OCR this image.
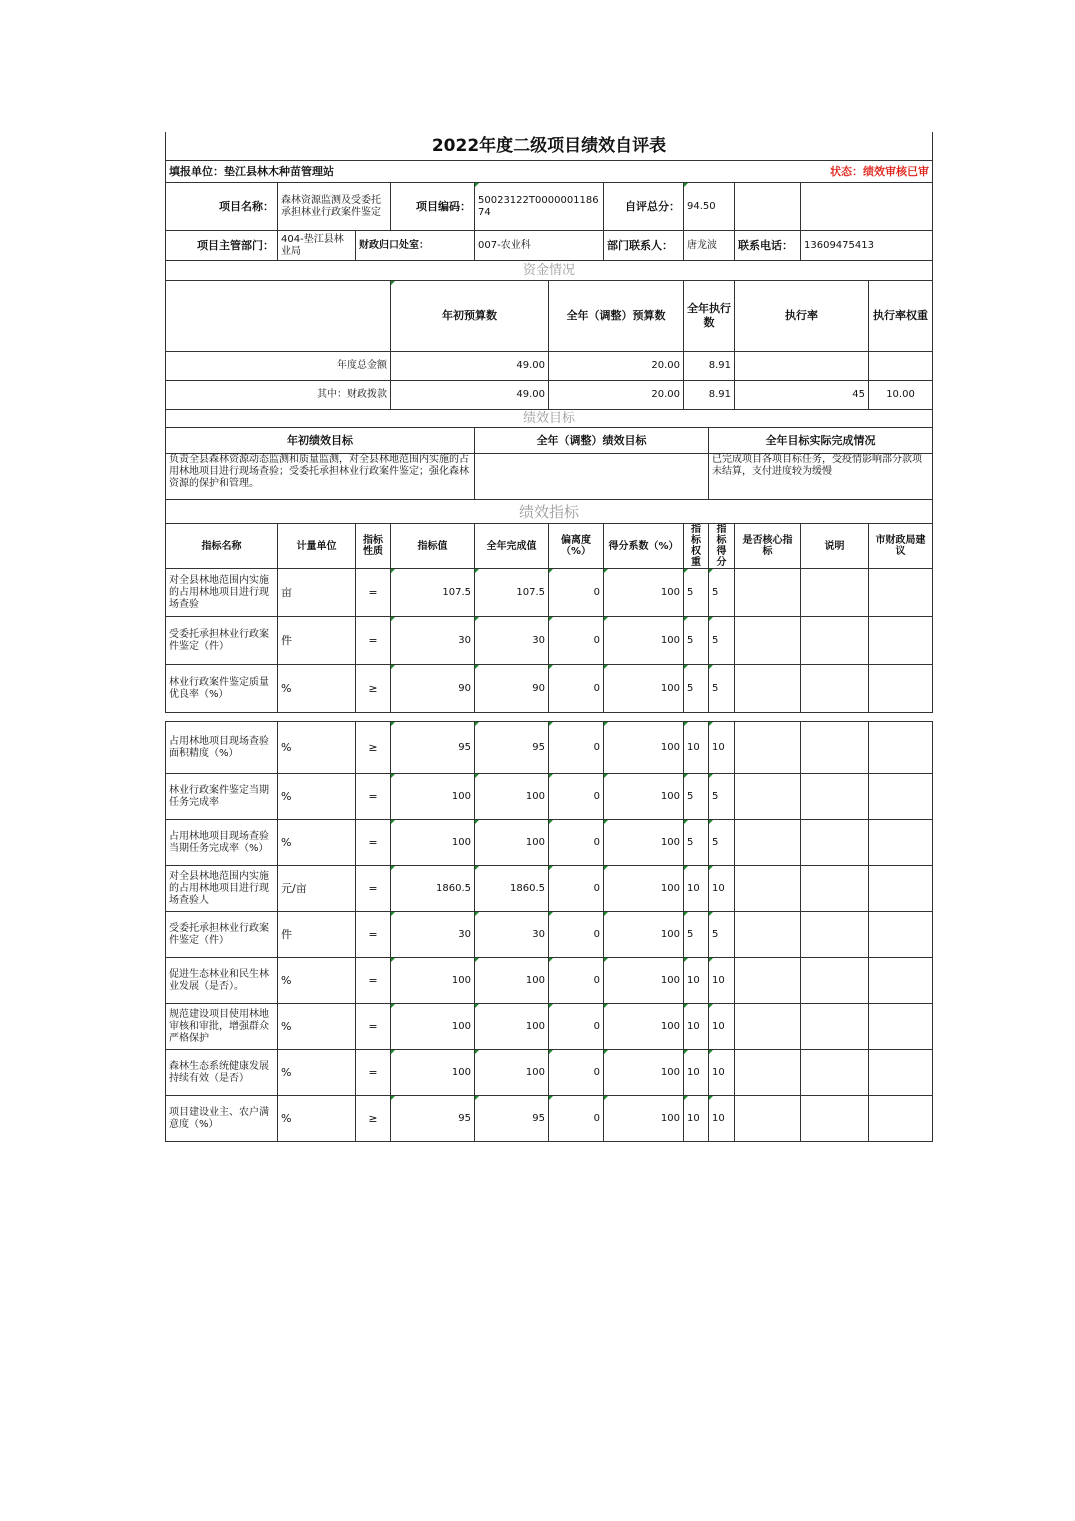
2022年度二级项目绩效自评表												
填报单位：垫江县林木种苗管理站							状态：绩效审核已审					
项目名称：	森林资源监测及受委托承担林业行政案件鉴定		项目编码：	50023122T000000118674		自评总分：	94.50					
项目主管部门：	404-垫江县林业局	财政归口处室：		007-农业科		部门联系人：	唐龙波		联系电话：	13609475413		
资金情况												
			年初预算数		全年（调整）预算数		全年执行数		执行率		执行率权重	
年度总金额			49.00		20.00		8.91					
其中：财政拨款			49.00		20.00		8.91		45		10.00	
绩效目标												
年初绩效目标				全年（调整）绩效目标				全年目标实际完成情况				
负责全县森林资源动态监测和质量监测，对全县林地范围内实施的占用林地项目进行现场查验；受委托承担林业行政案件鉴定；强化森林资源的保护和管理。								已完成项目各项目标任务，受疫情影响部分款项未结算，支付进度较为缓慢				
绩效指标												
指标名称	计量单位	指标性质	指标值	全年完成值	偏离度（%）	得分系数（%）	指标权重	指标得分	是否核心指标	说明	市财政局建议	
对全县林地范围内实施的占用林地项目进行现场查验	亩	=	107.5	107.5	0	100	5	5				
受委托承担林业行政案件鉴定（件）	件	=	30	30	0	100	5	5				
林业行政案件鉴定质量优良率（%）	%	≥	90	90	0	100	5	5				

占用林地项目现场查验面积精度（%）	%	≥	95	95	0	100	10	10				
林业行政案件鉴定当期任务完成率	%	=	100	100	0	100	5	5				
占用林地项目现场查验当期任务完成率（%）	%	=	100	100	0	100	5	5				
对全县林地范围内实施的占用林地项目进行现场查验人	元/亩	=	1860.5	1860.5	0	100	10	10				
受委托承担林业行政案件鉴定（件）	件	=	30	30	0	100	5	5				
促进生态林业和民生林业发展（是否）。	%	=	100	100	0	100	10	10				
规范建设项目使用林地审核和审批，增强群众严格保护	%	=	100	100	0	100	10	10				
森林生态系统健康发展持续有效（是否）	%	=	100	100	0	100	10	10				
项目建设业主、农户满意度（%）	%	≥	95	95	0	100	10	10				
